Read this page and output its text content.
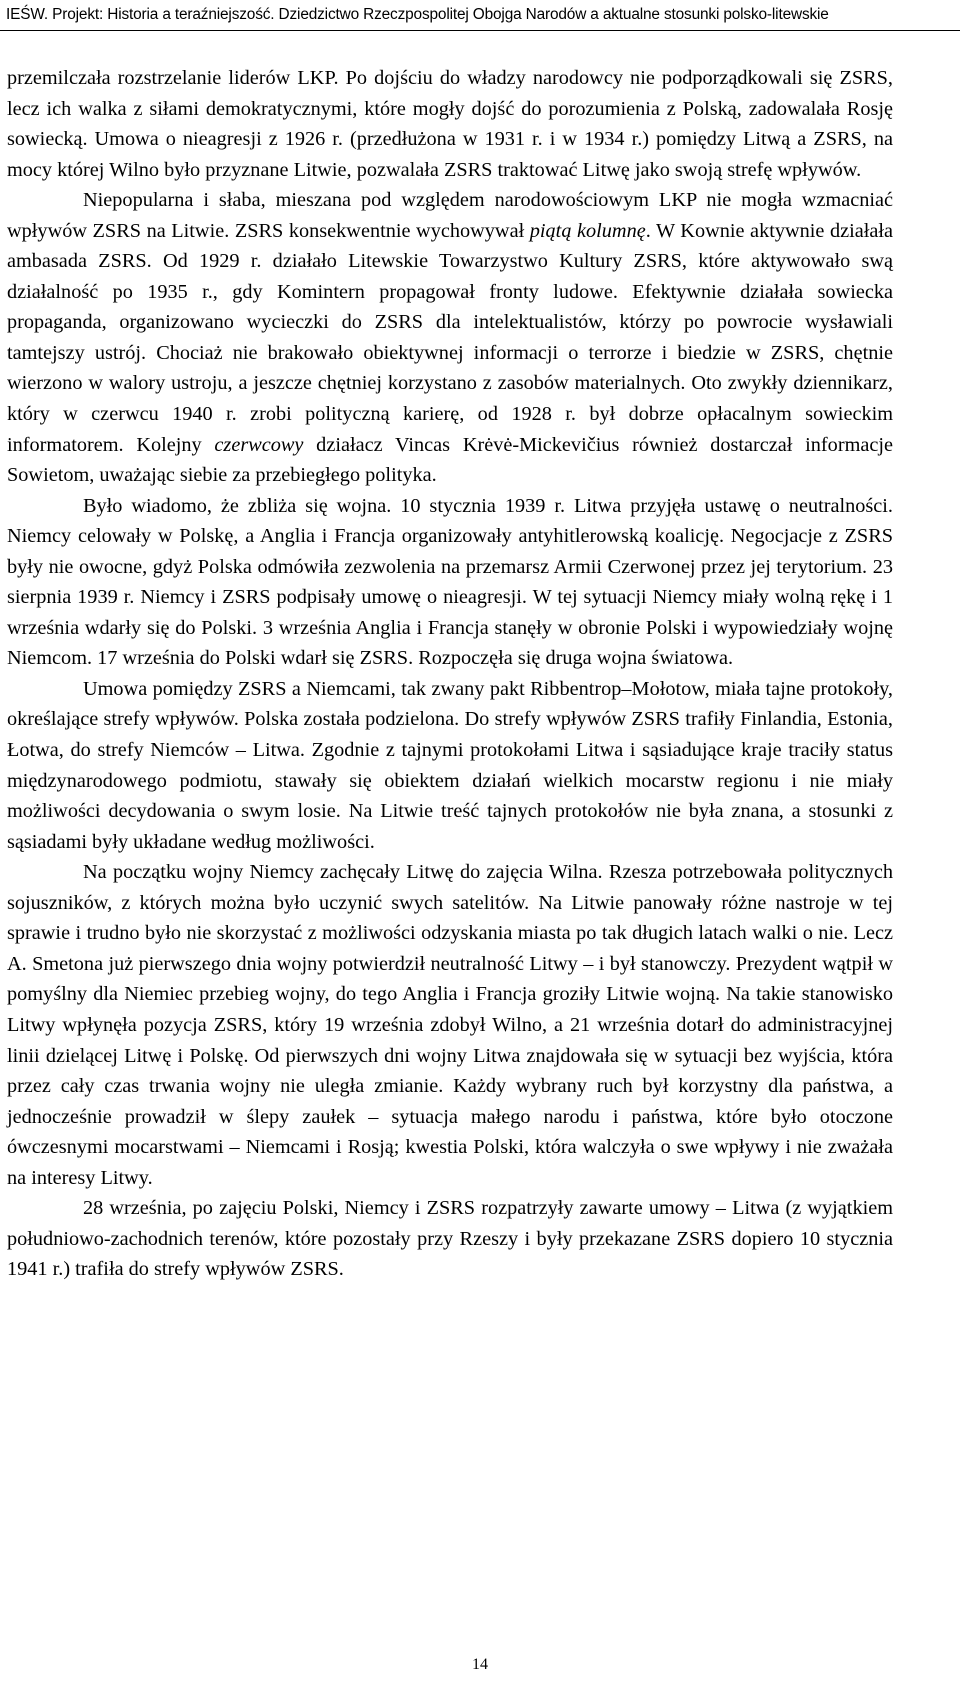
IEŚW. Projekt: Historia a teraźniejszość. Dziedzictwo Rzeczpospolitej Obojga Narodów a aktualne stosunki polsko-litewskie

przemilczała rozstrzelanie liderów LKP. Po dojściu do władzy narodowcy nie podporządkowali się ZSRS, lecz ich walka z siłami demokratycznymi, które mogły dojść do porozumienia z Polską, zadowalała Rosję sowiecką. Umowa o nieagresji z 1926 r. (przedłużona w 1931 r. i w 1934 r.) pomiędzy Litwą a ZSRS, na mocy której Wilno było przyznane Litwie, pozwalała ZSRS traktować Litwę jako swoją strefę wpływów.

Niepopularna i słaba, mieszana pod względem narodowościowym LKP nie mogła wzmacniać wpływów ZSRS na Litwie. ZSRS konsekwentnie wychowywał piątą kolumnę. W Kownie aktywnie działała ambasada ZSRS. Od 1929 r. działało Litewskie Towarzystwo Kultury ZSRS, które aktywowało swą działalność po 1935 r., gdy Komintern propagował fronty ludowe. Efektywnie działała sowiecka propaganda, organizowano wycieczki do ZSRS dla intelektualistów, którzy po powrocie wysławiali tamtejszy ustrój. Chociaż nie brakowało obiektywnej informacji o terrorze i biedzie w ZSRS, chętnie wierzono w walory ustroju, a jeszcze chętniej korzystano z zasobów materialnych. Oto zwykły dziennikarz, który w czerwcu 1940 r. zrobi polityczną karierę, od 1928 r. był dobrze opłacalnym sowieckim informatorem. Kolejny czerwcowy działacz Vincas Krėvė-Mickevičius również dostarczał informacje Sowietom, uważając siebie za przebiegłego polityka.

Było wiadomo, że zbliża się wojna. 10 stycznia 1939 r. Litwa przyjęła ustawę o neutralności. Niemcy celowały w Polskę, a Anglia i Francja organizowały antyhitlerowską koalicję. Negocjacje z ZSRS były nie owocne, gdyż Polska odmówiła zezwolenia na przemarsz Armii Czerwonej przez jej terytorium. 23 sierpnia 1939 r. Niemcy i ZSRS podpisały umowę o nieagresji. W tej sytuacji Niemcy miały wolną rękę i 1 września wdarły się do Polski. 3 września Anglia i Francja stanęły w obronie Polski i wypowiedziały wojnę Niemcom. 17 września do Polski wdarł się ZSRS. Rozpoczęła się druga wojna światowa.

Umowa pomiędzy ZSRS a Niemcami, tak zwany pakt Ribbentrop–Mołotow, miała tajne protokoły, określające strefy wpływów. Polska została podzielona. Do strefy wpływów ZSRS trafiły Finlandia, Estonia, Łotwa, do strefy Niemców – Litwa. Zgodnie z tajnymi protokołami Litwa i sąsiadujące kraje traciły status międzynarodowego podmiotu, stawały się obiektem działań wielkich mocarstw regionu i nie miały możliwości decydowania o swym losie. Na Litwie treść tajnych protokołów nie była znana, a stosunki z sąsiadami były układane według możliwości.

Na początku wojny Niemcy zachęcały Litwę do zajęcia Wilna. Rzesza potrzebowała politycznych sojuszników, z których można było uczynić swych satelitów. Na Litwie panowały różne nastroje w tej sprawie i trudno było nie skorzystać z możliwości odzyskania miasta po tak długich latach walki o nie. Lecz A. Smetona już pierwszego dnia wojny potwierdził neutralność Litwy – i był stanowczy. Prezydent wątpił w pomyślny dla Niemiec przebieg wojny, do tego Anglia i Francja groziły Litwie wojną. Na takie stanowisko Litwy wpłynęła pozycja ZSRS, który 19 września zdobył Wilno, a 21 września dotarł do administracyjnej linii dzielącej Litwę i Polskę. Od pierwszych dni wojny Litwa znajdowała się w sytuacji bez wyjścia, która przez cały czas trwania wojny nie uległa zmianie. Każdy wybrany ruch był korzystny dla państwa, a jednocześnie prowadził w ślepy zaułek – sytuacja małego narodu i państwa, które było otoczone ówczesnymi mocarstwami – Niemcami i Rosją; kwestia Polski, która walczyła o swe wpływy i nie zważała na interesy Litwy.

28 września, po zajęciu Polski, Niemcy i ZSRS rozpatrzyły zawarte umowy – Litwa (z wyjątkiem południowo-zachodnich terenów, które pozostały przy Rzeszy i były przekazane ZSRS dopiero 10 stycznia 1941 r.) trafiła do strefy wpływów ZSRS.

14
